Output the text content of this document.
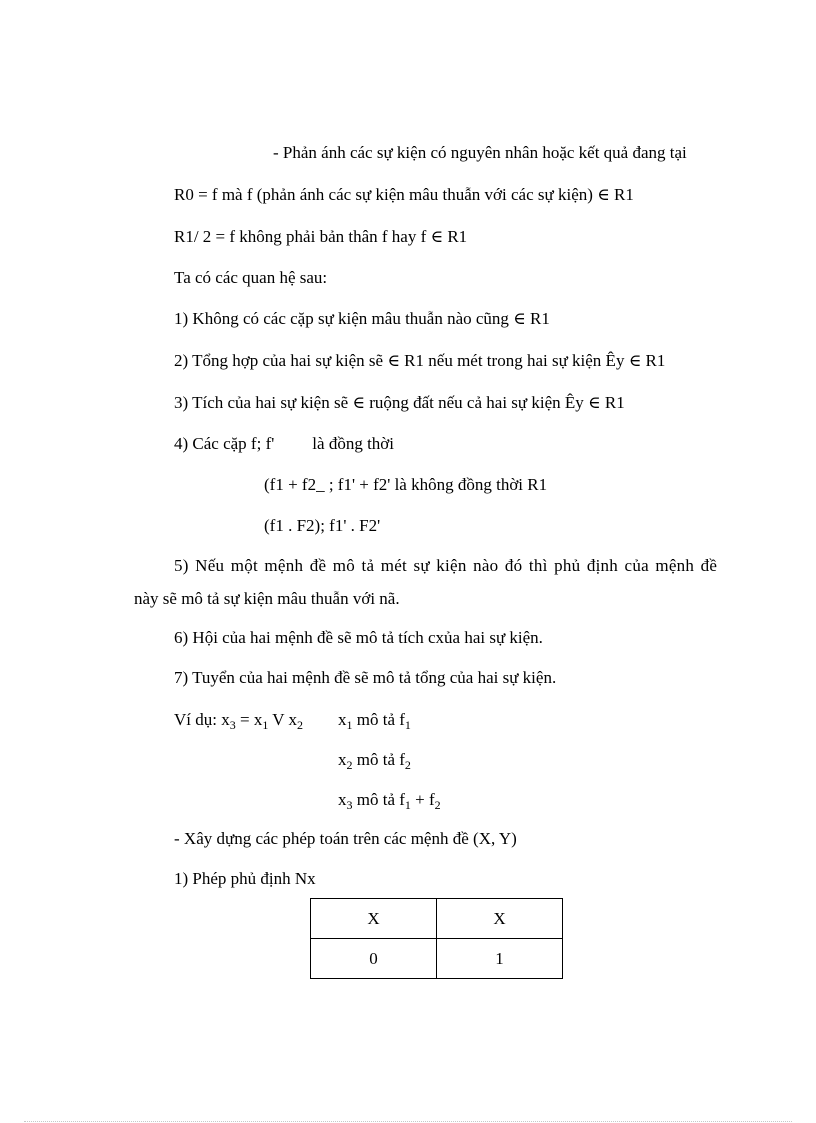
- Phản ánh các sự kiện có nguyên nhân hoặc kết quả đang tại
R0 = f mà f (phản ánh các sự kiện mâu thuẫn với các sự kiện) ∈ R1
R1/ 2 = f không phải bản thân f hay f ∈ R1
Ta có các quan hệ sau:
1) Không có các cặp sự kiện mâu thuẫn nào cũng ∈ R1
2) Tổng hợp của hai sự kiện sẽ ∈ R1 nếu mét trong hai sự kiện Êy ∈ R1
3) Tích của hai sự kiện sẽ ∈ ruộng đất nếu cả hai sự kiện Êy ∈ R1
4) Các cặp f; f' là đồng thời
(f1 + f2_ ; f1' + f2' là không đồng thời R1
(f1 . F2); f1' . F2'
5) Nếu một mệnh đề mô tả mét sự kiện nào đó thì phủ định của mệnh đề
này sẽ mô tả sự kiện mâu thuẫn với nã.
6) Hội của hai mệnh đề sẽ mô tả tích cxủa hai sự kiện.
7) Tuyển của hai mệnh đề sẽ mô tả tổng của hai sự kiện.
Ví dụ: $x_3 = x_1$ V $x_2$ $x_1$ mô tả $f_1$
$x_2$ mô tả $f_2$
$x_3$ mô tả $f_1 + f_2$
- Xây dựng các phép toán trên các mệnh đề (X, Y)
1) Phép phủ định Nx
X	X
0	1
